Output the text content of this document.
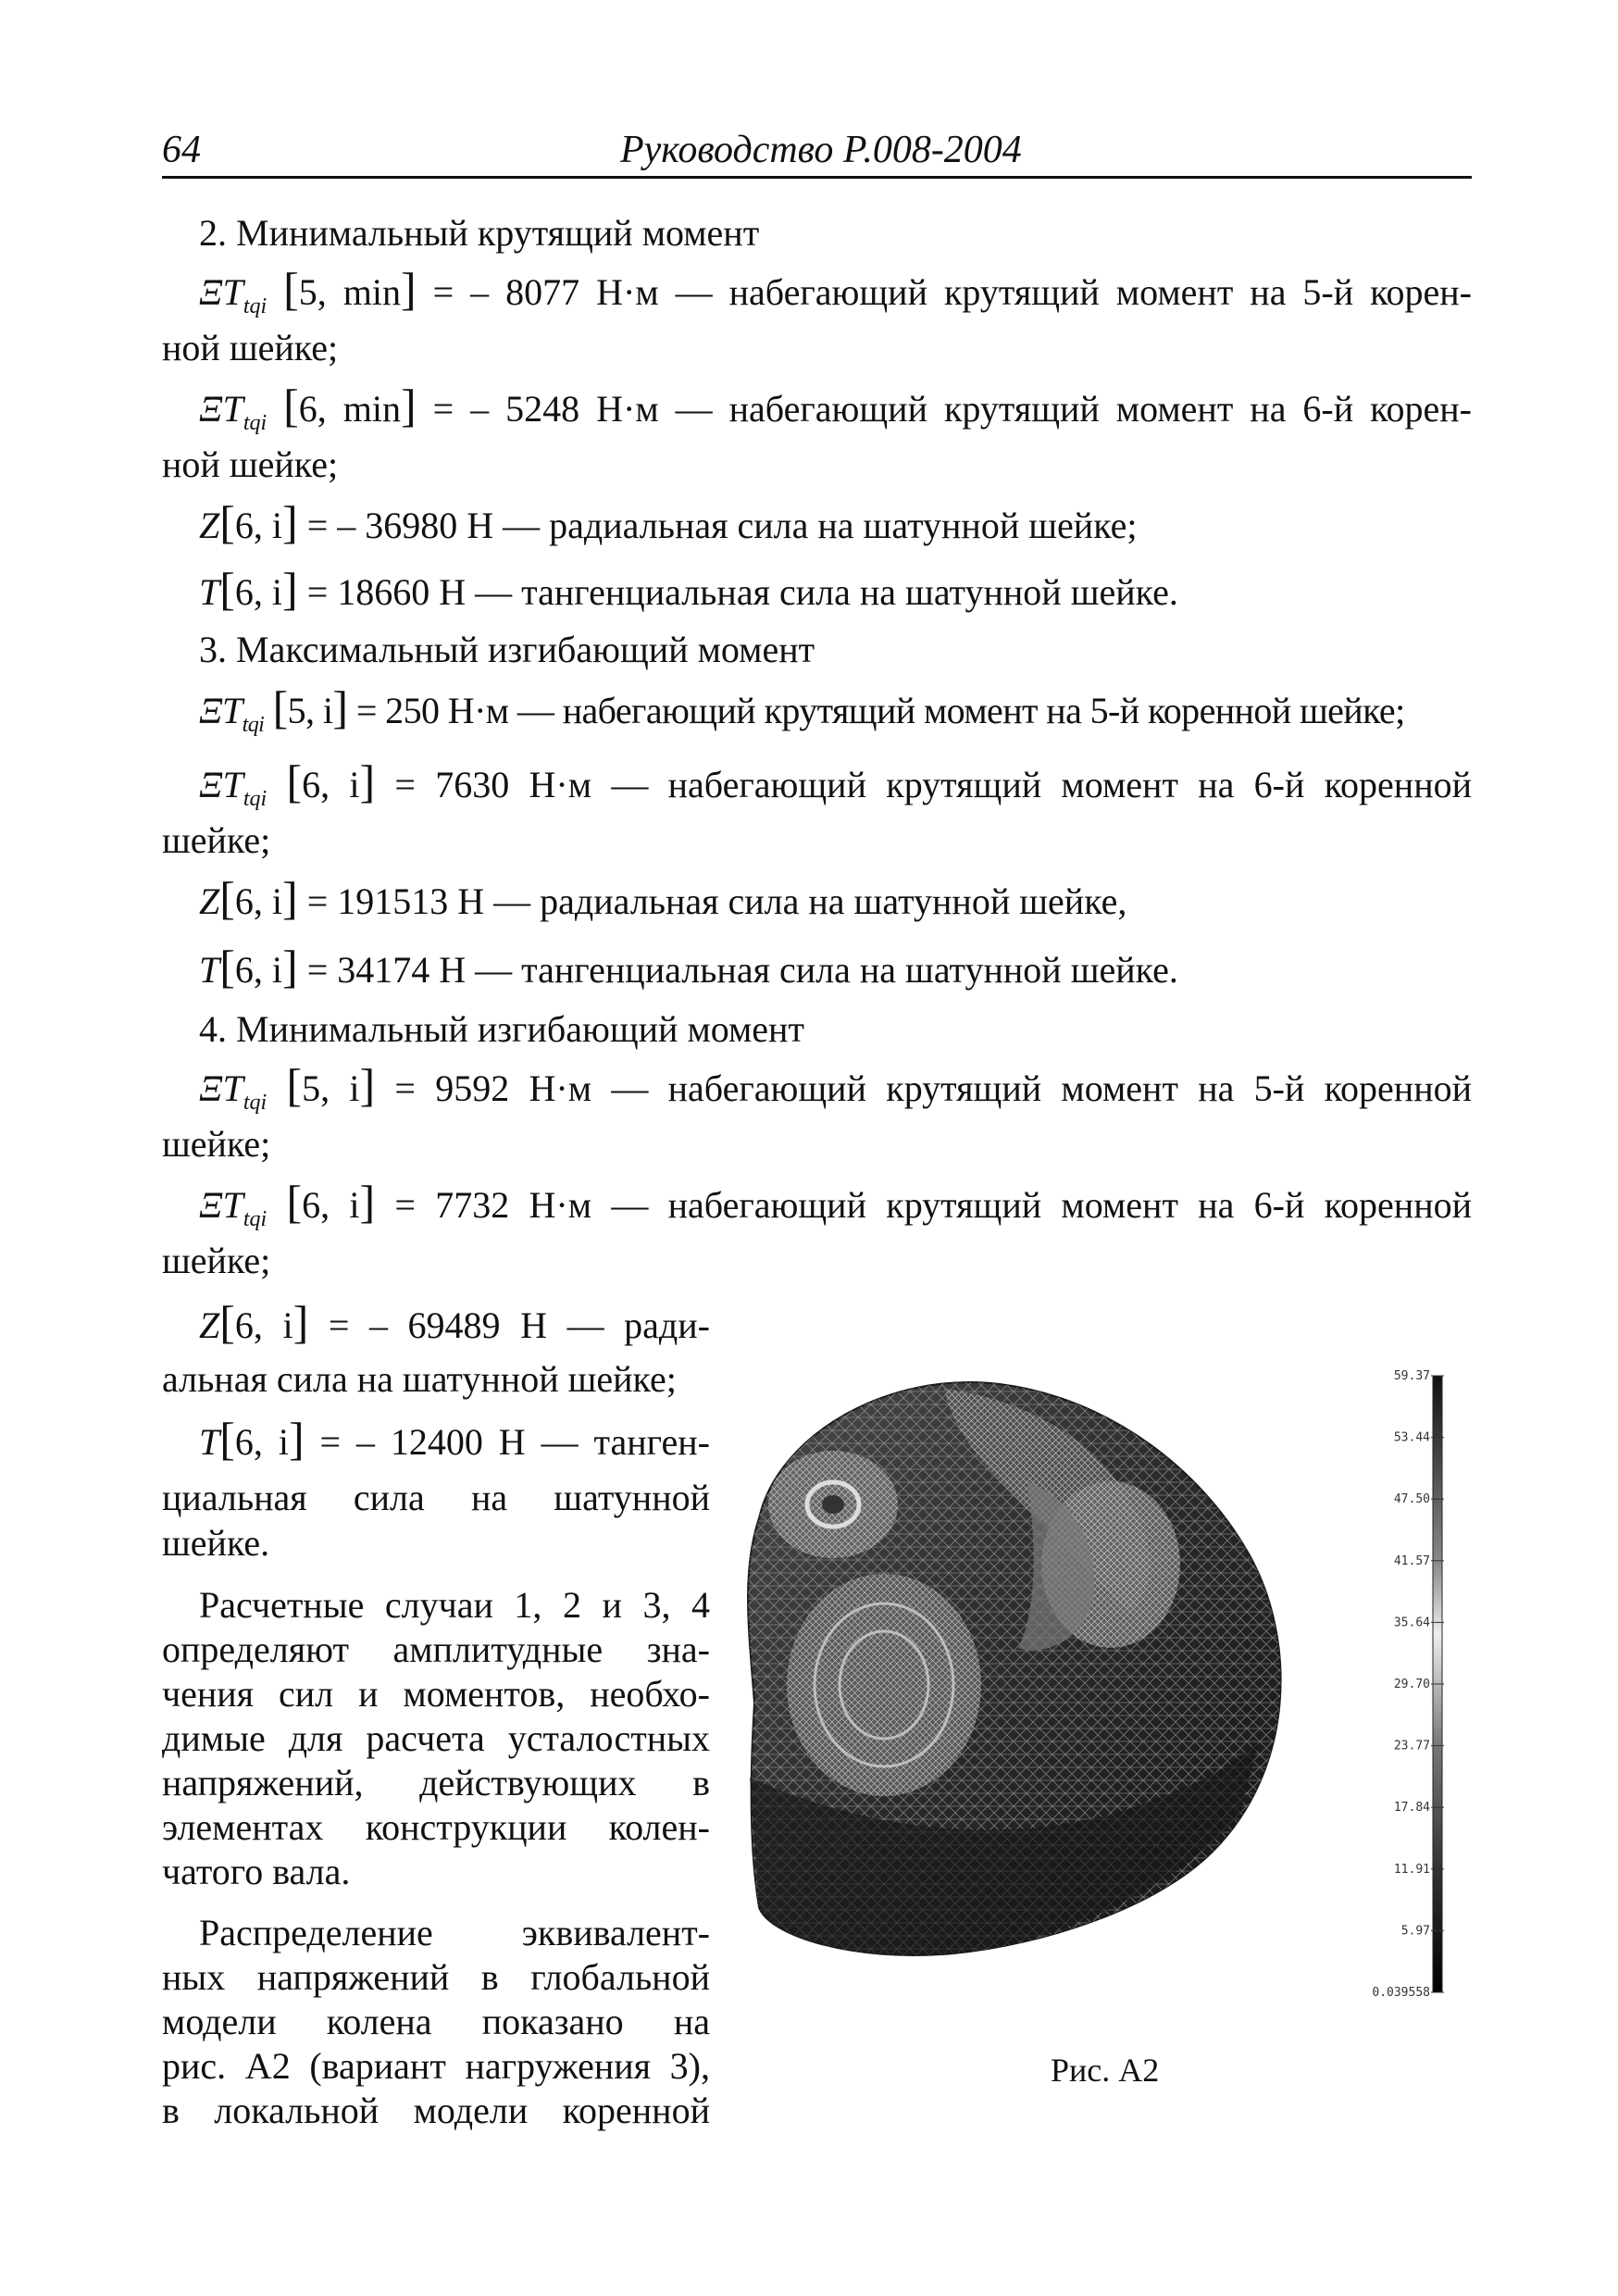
64	Руководство Р.008-2004
2. Минимальный крутящий момент
$\Xi T_{tqi}$ [5, min] = – 8077 Н·м — набегающий крутящий момент на 5-й корен-
ной шейке;
$\Xi T_{tqi}$ [6, min] = – 5248 Н·м — набегающий крутящий момент на 6-й корен-
ной шейке;
Z[6, i] = – 36980 Н — радиальная сила на шатунной шейке;
T[6, i] = 18660 Н — тангенциальная сила на шатунной шейке.
3. Максимальный изгибающий момент
$\Xi T_{tqi}$ [5, i] = 250 Н·м — набегающий крутящий момент на 5-й коренной шейке;
$\Xi T_{tqi}$ [6, i] = 7630 Н·м — набегающий крутящий момент на 6-й коренной
шейке;
Z[6, i] = 191513 Н — радиальная сила на шатунной шейке,
T[6, i] = 34174 Н — тангенциальная сила на шатунной шейке.
4. Минимальный изгибающий момент
$\Xi T_{tqi}$ [5, i] = 9592 Н·м — набегающий крутящий момент на 5-й коренной
шейке;
$\Xi T_{tqi}$ [6, i] = 7732 Н·м — набегающий крутящий момент на 6-й коренной
шейке;
Z[6, i] = – 69489 Н — ради-
альная сила на шатунной шейке;
T[6, i] = – 12400 Н — танген-
циальная сила на шатунной
шейке.
Расчетные случаи 1, 2 и 3, 4
определяют амплитудные зна-
чения сил и моментов, необхо-
димые для расчета усталостных
напряжений, действующих в
элементах конструкции колен-
чатого вала.
Распределение эквивалент-
ных напряжений в глобальной
модели колена показано на
рис. А2 (вариант нагружения 3),
в локальной модели коренной
59.37
53.44
47.50
41.57
35.64
29.70
23.77
17.84
11.91
5.97
0.039558
Рис. А2
